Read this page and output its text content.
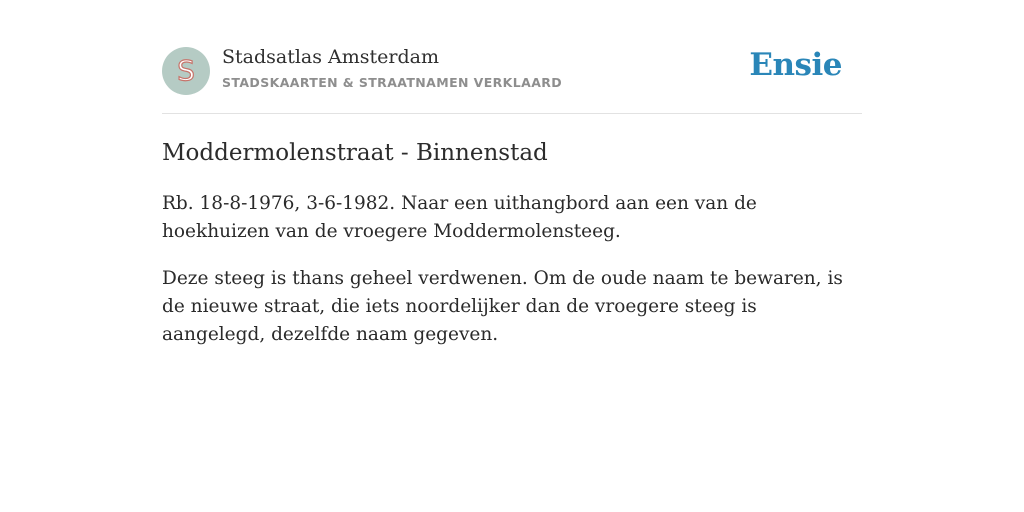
S Stadsatlas Amsterdam
STADSKAARTEN & STRAATNAMEN VERKLAARD	Ensie
Moddermolenstraat - Binnenstad

Rb. 18-8-1976, 3-6-1982. Naar een uithangbord aan een van de hoekhuizen van de vroegere Moddermolensteeg.

Deze steeg is thans geheel verdwenen. Om de oude naam te bewaren, is de nieuwe straat, die iets noordelijker dan de vroegere steeg is aangelegd, dezelfde naam gegeven.
